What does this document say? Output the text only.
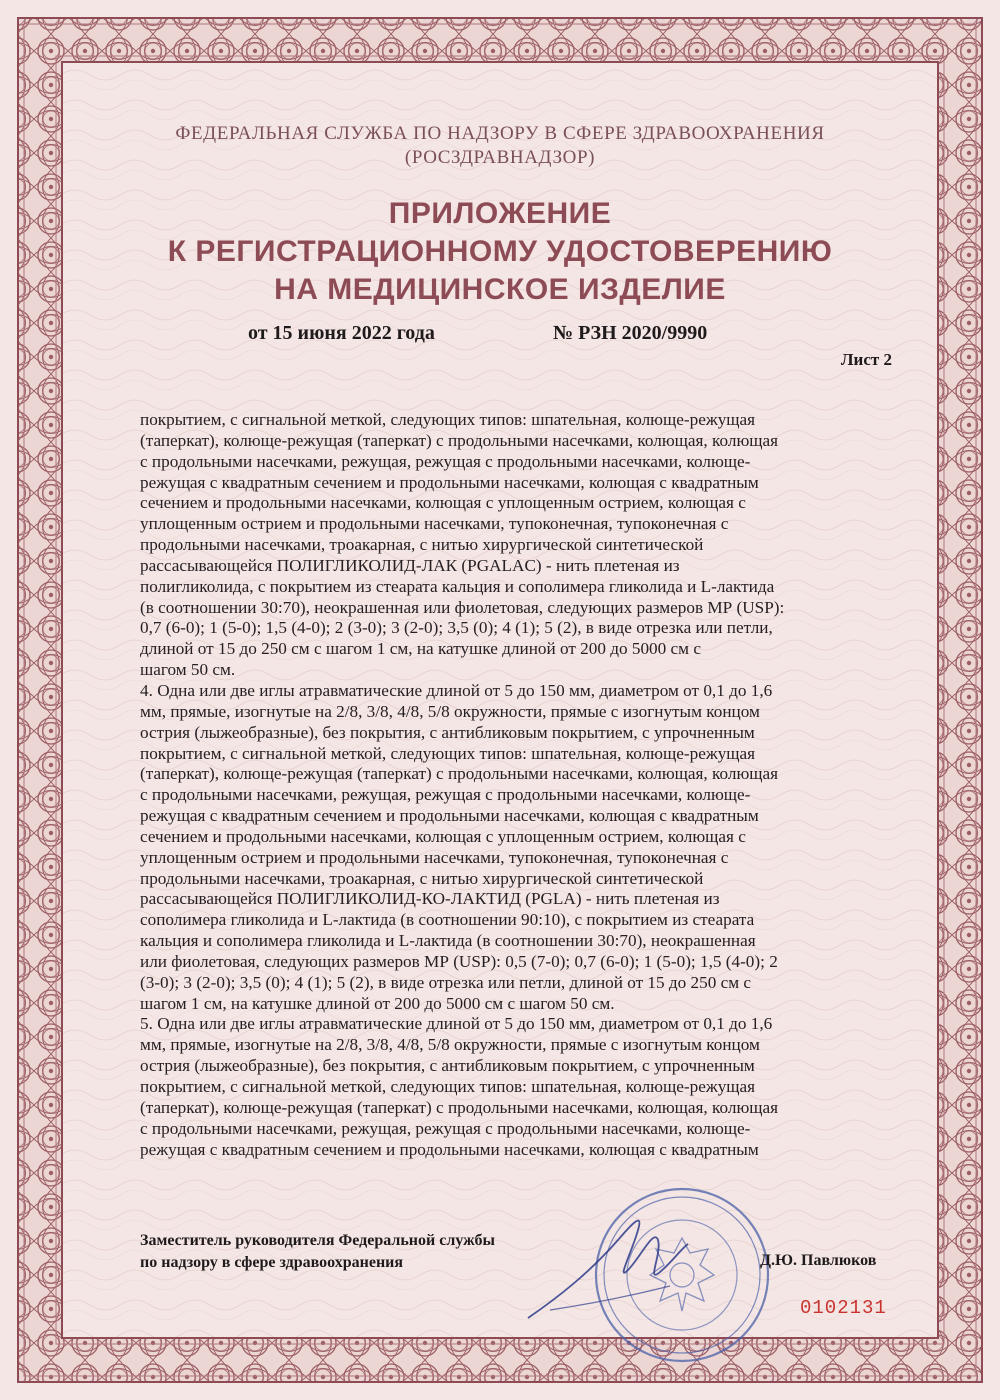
ФЕДЕРАЛЬНАЯ СЛУЖБА ПО НАДЗОРУ В СФЕРЕ ЗДРАВООХРАНЕНИЯ
(РОСЗДРАВНАДЗОР)
ПРИЛОЖЕНИЕ
К РЕГИСТРАЦИОННОМУ УДОСТОВЕРЕНИЮ
НА МЕДИЦИНСКОЕ ИЗДЕЛИЕ
от 15 июня 2022 года	№ РЗН 2020/9990
Лист 2
покрытием, с сигнальной меткой, следующих типов: шпательная, колюще-режущая
(таперкат), колюще-режущая (таперкат) с продольными насечками, колющая, колющая
с продольными насечками, режущая, режущая с продольными насечками, колюще-
режущая с квадратным сечением и продольными насечками, колющая с квадратным
сечением и продольными насечками, колющая с уплощенным острием, колющая с
уплощенным острием и продольными насечками, тупоконечная, тупоконечная с
продольными насечками, троакарная, с нитью хирургической синтетической
рассасывающейся ПОЛИГЛИКОЛИД-ЛАК (PGALAC) - нить плетеная из
полигликолида, с покрытием из стеарата кальция и сополимера гликолида и L-лактида
(в соотношении 30:70), неокрашенная или фиолетовая, следующих размеров МР (USP):
0,7 (6-0); 1 (5-0); 1,5 (4-0); 2 (3-0); 3 (2-0); 3,5 (0); 4 (1); 5 (2), в виде отрезка или петли,
длиной от 15 до 250 см с шагом 1 см, на катушке длиной от 200 до 5000 см с
шагом 50 см.
4. Одна или две иглы атравматические длиной от 5 до 150 мм, диаметром от 0,1 до 1,6
мм, прямые, изогнутые на 2/8, 3/8, 4/8, 5/8 окружности, прямые с изогнутым концом
острия (лыжеобразные), без покрытия, с антибликовым покрытием, с упрочненным
покрытием, с сигнальной меткой, следующих типов: шпательная, колюще-режущая
(таперкат), колюще-режущая (таперкат) с продольными насечками, колющая, колющая
с продольными насечками, режущая, режущая с продольными насечками, колюще-
режущая с квадратным сечением и продольными насечками, колющая с квадратным
сечением и продольными насечками, колющая с уплощенным острием, колющая с
уплощенным острием и продольными насечками, тупоконечная, тупоконечная с
продольными насечками, троакарная, с нитью хирургической синтетической
рассасывающейся ПОЛИГЛИКОЛИД-КО-ЛАКТИД (PGLA) - нить плетеная из
сополимера гликолида и L-лактида (в соотношении 90:10), с покрытием из стеарата
кальция и сополимера гликолида и L-лактида (в соотношении 30:70), неокрашенная
или фиолетовая, следующих размеров МР (USP): 0,5 (7-0); 0,7 (6-0); 1 (5-0); 1,5 (4-0); 2
(3-0); 3 (2-0); 3,5 (0); 4 (1); 5 (2), в виде отрезка или петли, длиной от 15 до 250 см с
шагом 1 см, на катушке длиной от 200 до 5000 см с шагом 50 см.
5. Одна или две иглы атравматические длиной от 5 до 150 мм, диаметром от 0,1 до 1,6
мм, прямые, изогнутые на 2/8, 3/8, 4/8, 5/8 окружности, прямые с изогнутым концом
острия (лыжеобразные), без покрытия, с антибликовым покрытием, с упрочненным
покрытием, с сигнальной меткой, следующих типов: шпательная, колюще-режущая
(таперкат), колюще-режущая (таперкат) с продольными насечками, колющая, колющая
с продольными насечками, режущая, режущая с продольными насечками, колюще-
режущая с квадратным сечением и продольными насечками, колющая с квадратным
Заместитель руководителя Федеральной службы
по надзору в сфере здравоохранения	Д.Ю. Павлюков
0102131
